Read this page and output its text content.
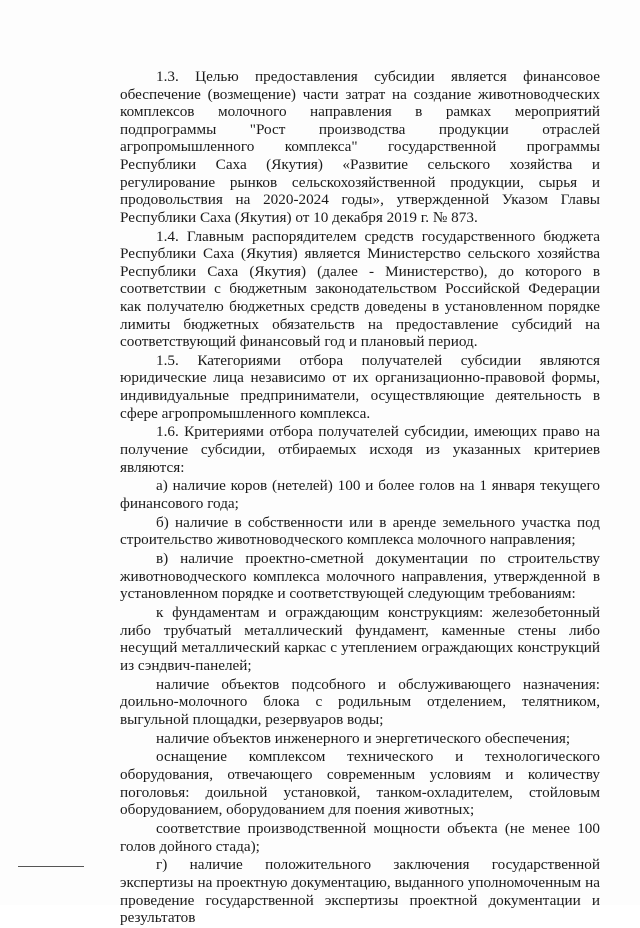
1.3. Целью предоставления субсидии является финансовое обеспечение (возмещение) части затрат на создание животноводческих комплексов молочного направления в рамках мероприятий подпрограммы "Рост производства продукции отраслей агропромышленного комплекса" государственной программы Республики Саха (Якутия) «Развитие сельского хозяйства и регулирование рынков сельскохозяйственной продукции, сырья и продовольствия на 2020-2024 годы», утвержденной Указом Главы Республики Саха (Якутия) от 10 декабря 2019 г. № 873.

1.4. Главным распорядителем средств государственного бюджета Республики Саха (Якутия) является Министерство сельского хозяйства Республики Саха (Якутия) (далее - Министерство), до которого в соответствии с бюджетным законодательством Российской Федерации как получателю бюджетных средств доведены в установленном порядке лимиты бюджетных обязательств на предоставление субсидий на соответствующий финансовый год и плановый период.

1.5. Категориями отбора получателей субсидии являются юридические лица независимо от их организационно-правовой формы, индивидуальные предприниматели, осуществляющие деятельность в сфере агропромышленного комплекса.

1.6. Критериями отбора получателей субсидии, имеющих право на получение субсидии, отбираемых исходя из указанных критериев являются:

а) наличие коров (нетелей) 100 и более голов на 1 января текущего финансового года;

б) наличие в собственности или в аренде земельного участка под строительство животноводческого комплекса молочного направления;

в) наличие проектно-сметной документации по строительству животноводческого комплекса молочного направления, утвержденной в установленном порядке и соответствующей следующим требованиям:

к фундаментам и ограждающим конструкциям: железобетонный либо трубчатый металлический фундамент, каменные стены либо несущий металлический каркас с утеплением ограждающих конструкций из сэндвич-панелей;

наличие объектов подсобного и обслуживающего назначения: доильно-молочного блока с родильным отделением, телятником, выгульной площадки, резервуаров воды;

наличие объектов инженерного и энергетического обеспечения;

оснащение комплексом технического и технологического оборудования, отвечающего современным условиям и количеству поголовья: доильной установкой, танком-охладителем, стойловым оборудованием, оборудованием для поения животных;

соответствие производственной мощности объекта (не менее 100 голов дойного стада);

г) наличие положительного заключения государственной экспертизы на проектную документацию, выданного уполномоченным на проведение государственной экспертизы проектной документации и результатов
